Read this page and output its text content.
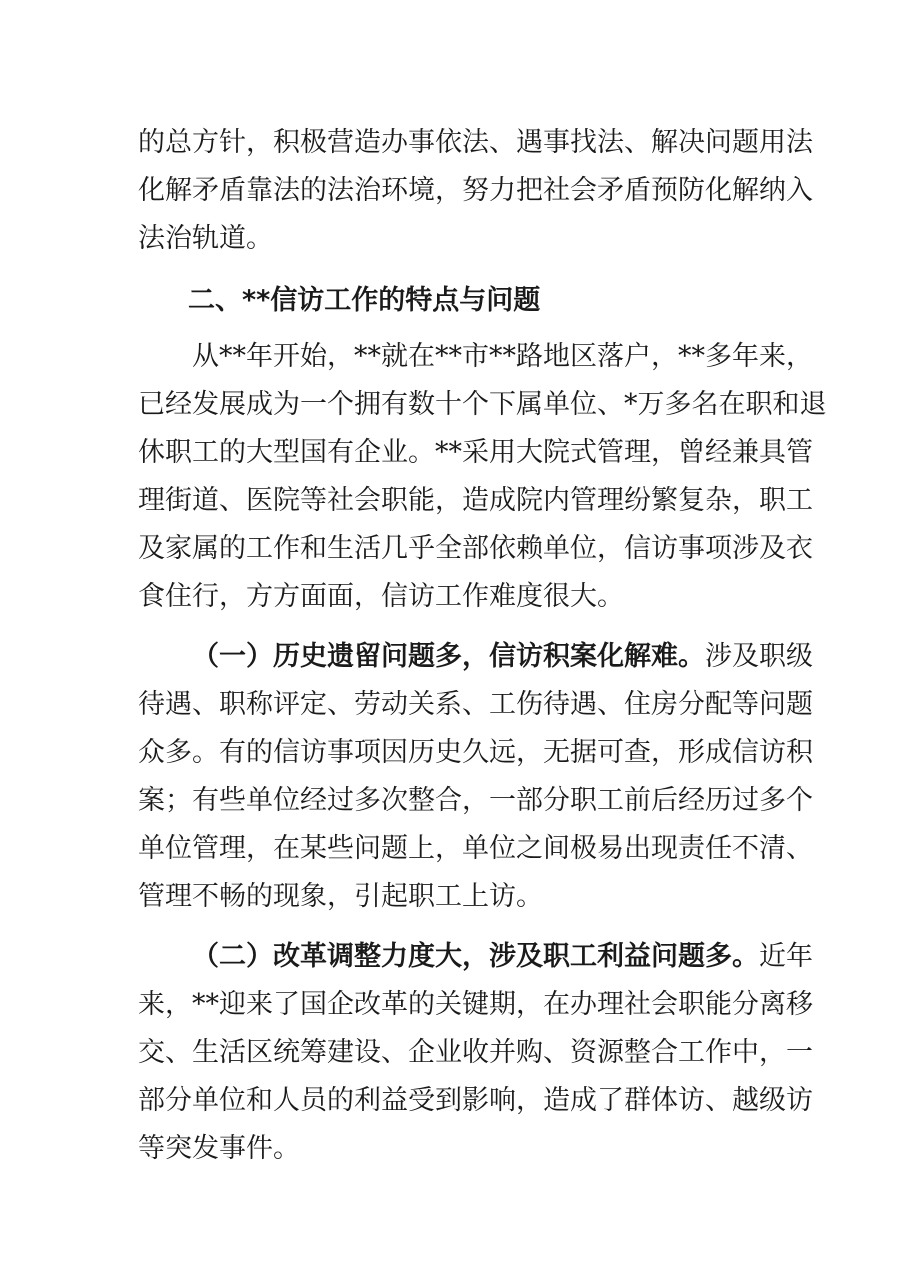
的总方针，积极营造办事依法、遇事找法、解决问题用法
化解矛盾靠法的法治环境，努力把社会矛盾预防化解纳入
法治轨道。
二、**信访工作的特点与问题
从**年开始，**就在**市**路地区落户，**多年来，
已经发展成为一个拥有数十个下属单位、*万多名在职和退
休职工的大型国有企业。**采用大院式管理，曾经兼具管
理街道、医院等社会职能，造成院内管理纷繁复杂，职工
及家属的工作和生活几乎全部依赖单位，信访事项涉及衣
食住行，方方面面，信访工作难度很大。
（一）历史遗留问题多，信访积案化解难。涉及职级
待遇、职称评定、劳动关系、工伤待遇、住房分配等问题
众多。有的信访事项因历史久远，无据可查，形成信访积
案；有些单位经过多次整合，一部分职工前后经历过多个
单位管理，在某些问题上，单位之间极易出现责任不清、
管理不畅的现象，引起职工上访。
（二）改革调整力度大，涉及职工利益问题多。近年
来，**迎来了国企改革的关键期，在办理社会职能分离移
交、生活区统筹建设、企业收并购、资源整合工作中，一
部分单位和人员的利益受到影响，造成了群体访、越级访
等突发事件。
